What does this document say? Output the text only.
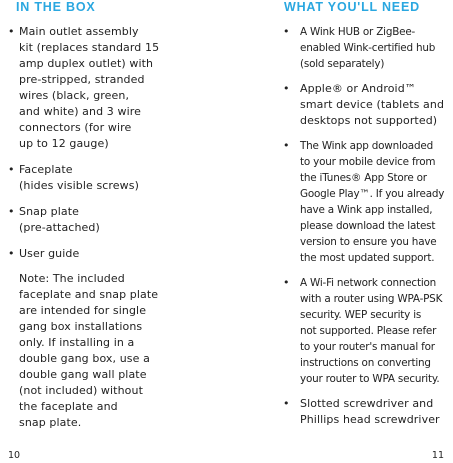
IN THE BOX
• Main outlet assembly
kit (replaces standard 15
amp duplex outlet) with
pre-stripped, stranded
wires (black, green,
and white) and 3 wire
connectors (for wire
up to 12 gauge)
• Faceplate
(hides visible screws)
• Snap plate
(pre-attached)
• User guide
Note: The included
faceplate and snap plate
are intended for single
gang box installations
only. If installing in a
double gang box, use a
double gang wall plate
(not included) without
the faceplate and
snap plate.
WHAT YOU'LL NEED
• A Wink HUB or ZigBee-
enabled Wink-certified hub
(sold separately)
• Apple® or Android™
smart device (tablets and
desktops not supported)
• The Wink app downloaded
to your mobile device from
the iTunes® App Store or
Google Play™. If you already
have a Wink app installed,
please download the latest
version to ensure you have
the most updated support.
• A Wi-Fi network connection
with a router using WPA-PSK
security. WEP security is
not supported. Please refer
to your router's manual for
instructions on converting
your router to WPA security.
• Slotted screwdriver and
Phillips head screwdriver
10	11
